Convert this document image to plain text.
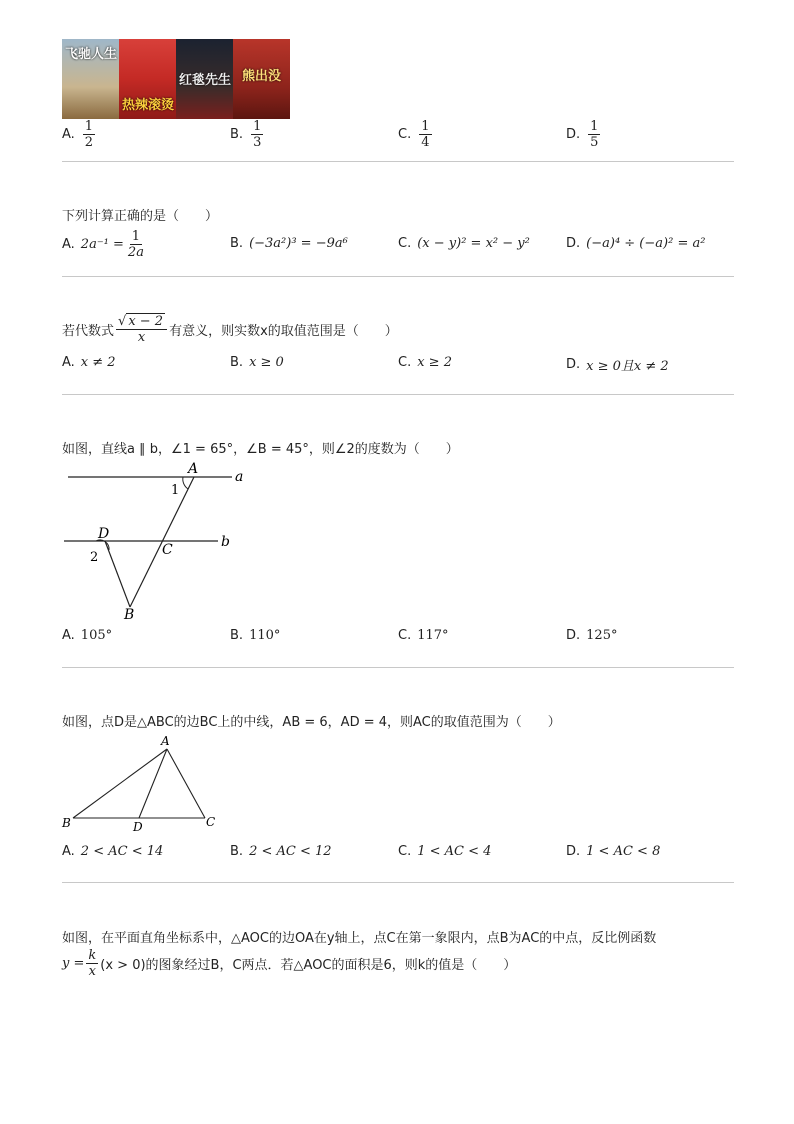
飞驰人生
热辣滚烫
红毯先生 熊出没
A. $\frac{1}{2}$	B. $\frac{1}{3}$	C. $\frac{1}{4}$	D. $\frac{1}{5}$
下列计算正确的是（　　）
A. $2a^{-1} = \frac{1}{2a}$	B. (−3a²)³ = −9a⁶	C. (x − y)² = x² − y²	D. (−a)⁴ ÷ (−a)² = a²
若代数式 $\frac{√ x - 2}{x}$ 有意义，则实数x的取值范围是（　　）
A. x ≠ 2	B. x ≥ 0	C. x ≥ 2	D. x ≥ 0且x ≠ 2
如图，直线a ∥ b，∠1 = 65°，∠B = 45°，则∠2的度数为（　　）
A	a
1
D
C	b
2
B
A. 105°	B. 110°	C. 117°	D. 125°
如图，点D是△ABC的边BC上的中线，AB = 6，AD = 4，则AC的取值范围为（　　）
A
B	D	C
A. 2 < AC < 14	B. 2 < AC < 12	C. 1 < AC < 4	D. 1 < AC < 8
如图，在平面直角坐标系中，△AOC的边OA在y轴上，点C在第一象限内，点B为AC的中点，反比例函数
$y = \frac{k}{x} (x > 0)$的图象经过B，C两点．若△AOC的面积是6，则k的值是（　　）
